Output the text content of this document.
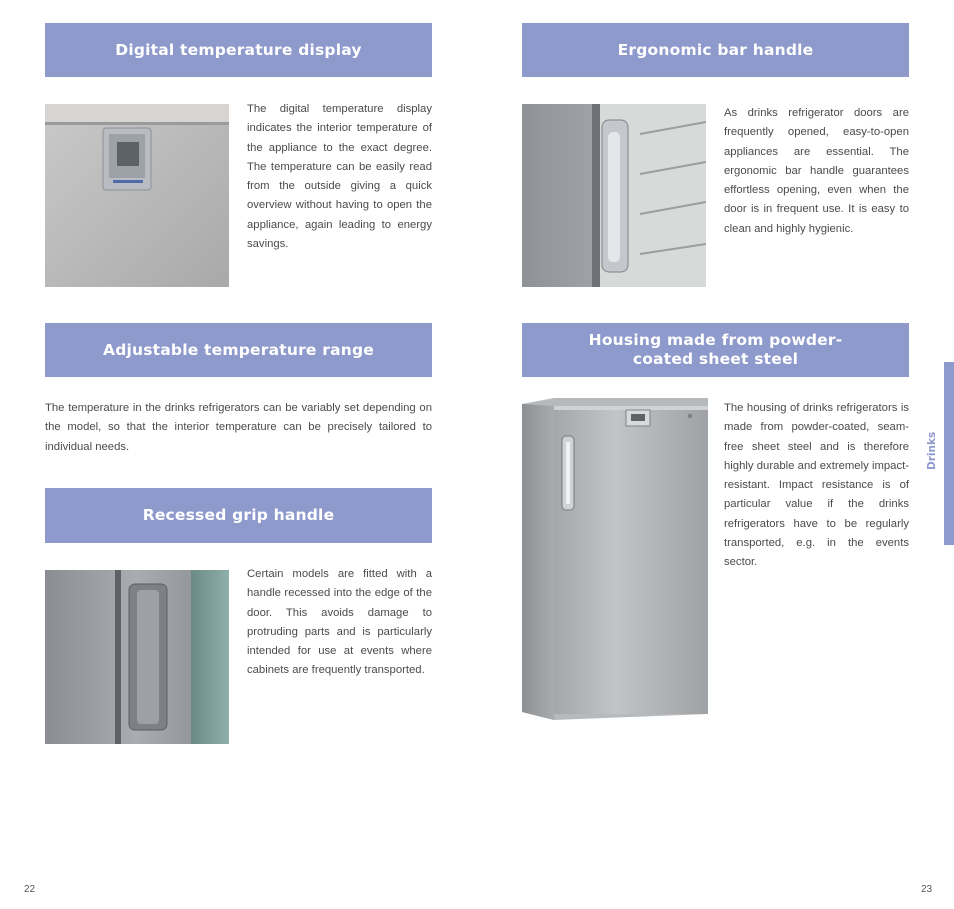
Digital temperature display

The digital temperature display indicates the interior temperature of the appliance to the exact degree. The temperature can be easily read from the outside giving a quick overview without having to open the appliance, again leading to energy savings.

Adjustable temperature range

The temperature in the drinks refrigerators can be variably set depending on the model, so that the interior temperature can be precisely tailored to individual needs.

Recessed grip handle

Certain models are fitted with a handle recessed into the edge of the door. This avoids damage to protruding parts and is particularly intended for use at events where cabinets are frequently transported.

Ergonomic bar handle

As drinks refrigerator doors are frequently opened, easy-to-open appliances are essential. The ergonomic bar handle guarantees effortless opening, even when the door is in frequent use. It is easy to clean and highly hygienic.

Housing made from powder-
coated sheet steel

The housing of drinks refrigerators is made from powder-coated, seam-free sheet steel and is therefore highly durable and extremely impact-resistant. Impact resistance is of particular value if the drinks refrigerators have to be regularly transported, e.g. in the events sector.

Drinks
22	23
